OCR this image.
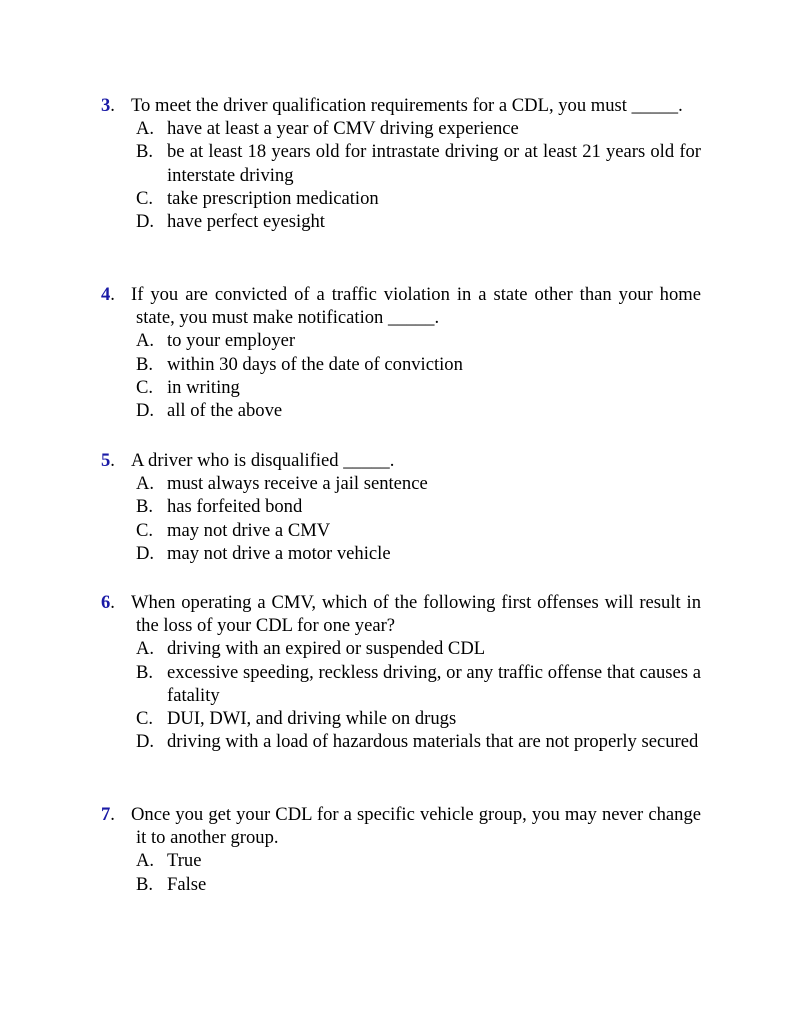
3. To meet the driver qualification requirements for a CDL, you must _____.

A. have at least a year of CMV driving experience
B. be at least 18 years old for intrastate driving or at least 21 years old for interstate driving
C. take prescription medication
D. have perfect eyesight

4. If you are convicted of a traffic violation in a state other than your home state, you must make notification _____.

A. to your employer
B. within 30 days of the date of conviction
C. in writing
D. all of the above

5. A driver who is disqualified _____.

A. must always receive a jail sentence
B. has forfeited bond
C. may not drive a CMV
D. may not drive a motor vehicle

6. When operating a CMV, which of the following first offenses will result in the loss of your CDL for one year?

A. driving with an expired or suspended CDL
B. excessive speeding, reckless driving, or any traffic offense that causes a fatality
C. DUI, DWI, and driving while on drugs
D. driving with a load of hazardous materials that are not properly secured

7. Once you get your CDL for a specific vehicle group, you may never change it to another group.

A. True
B. False
